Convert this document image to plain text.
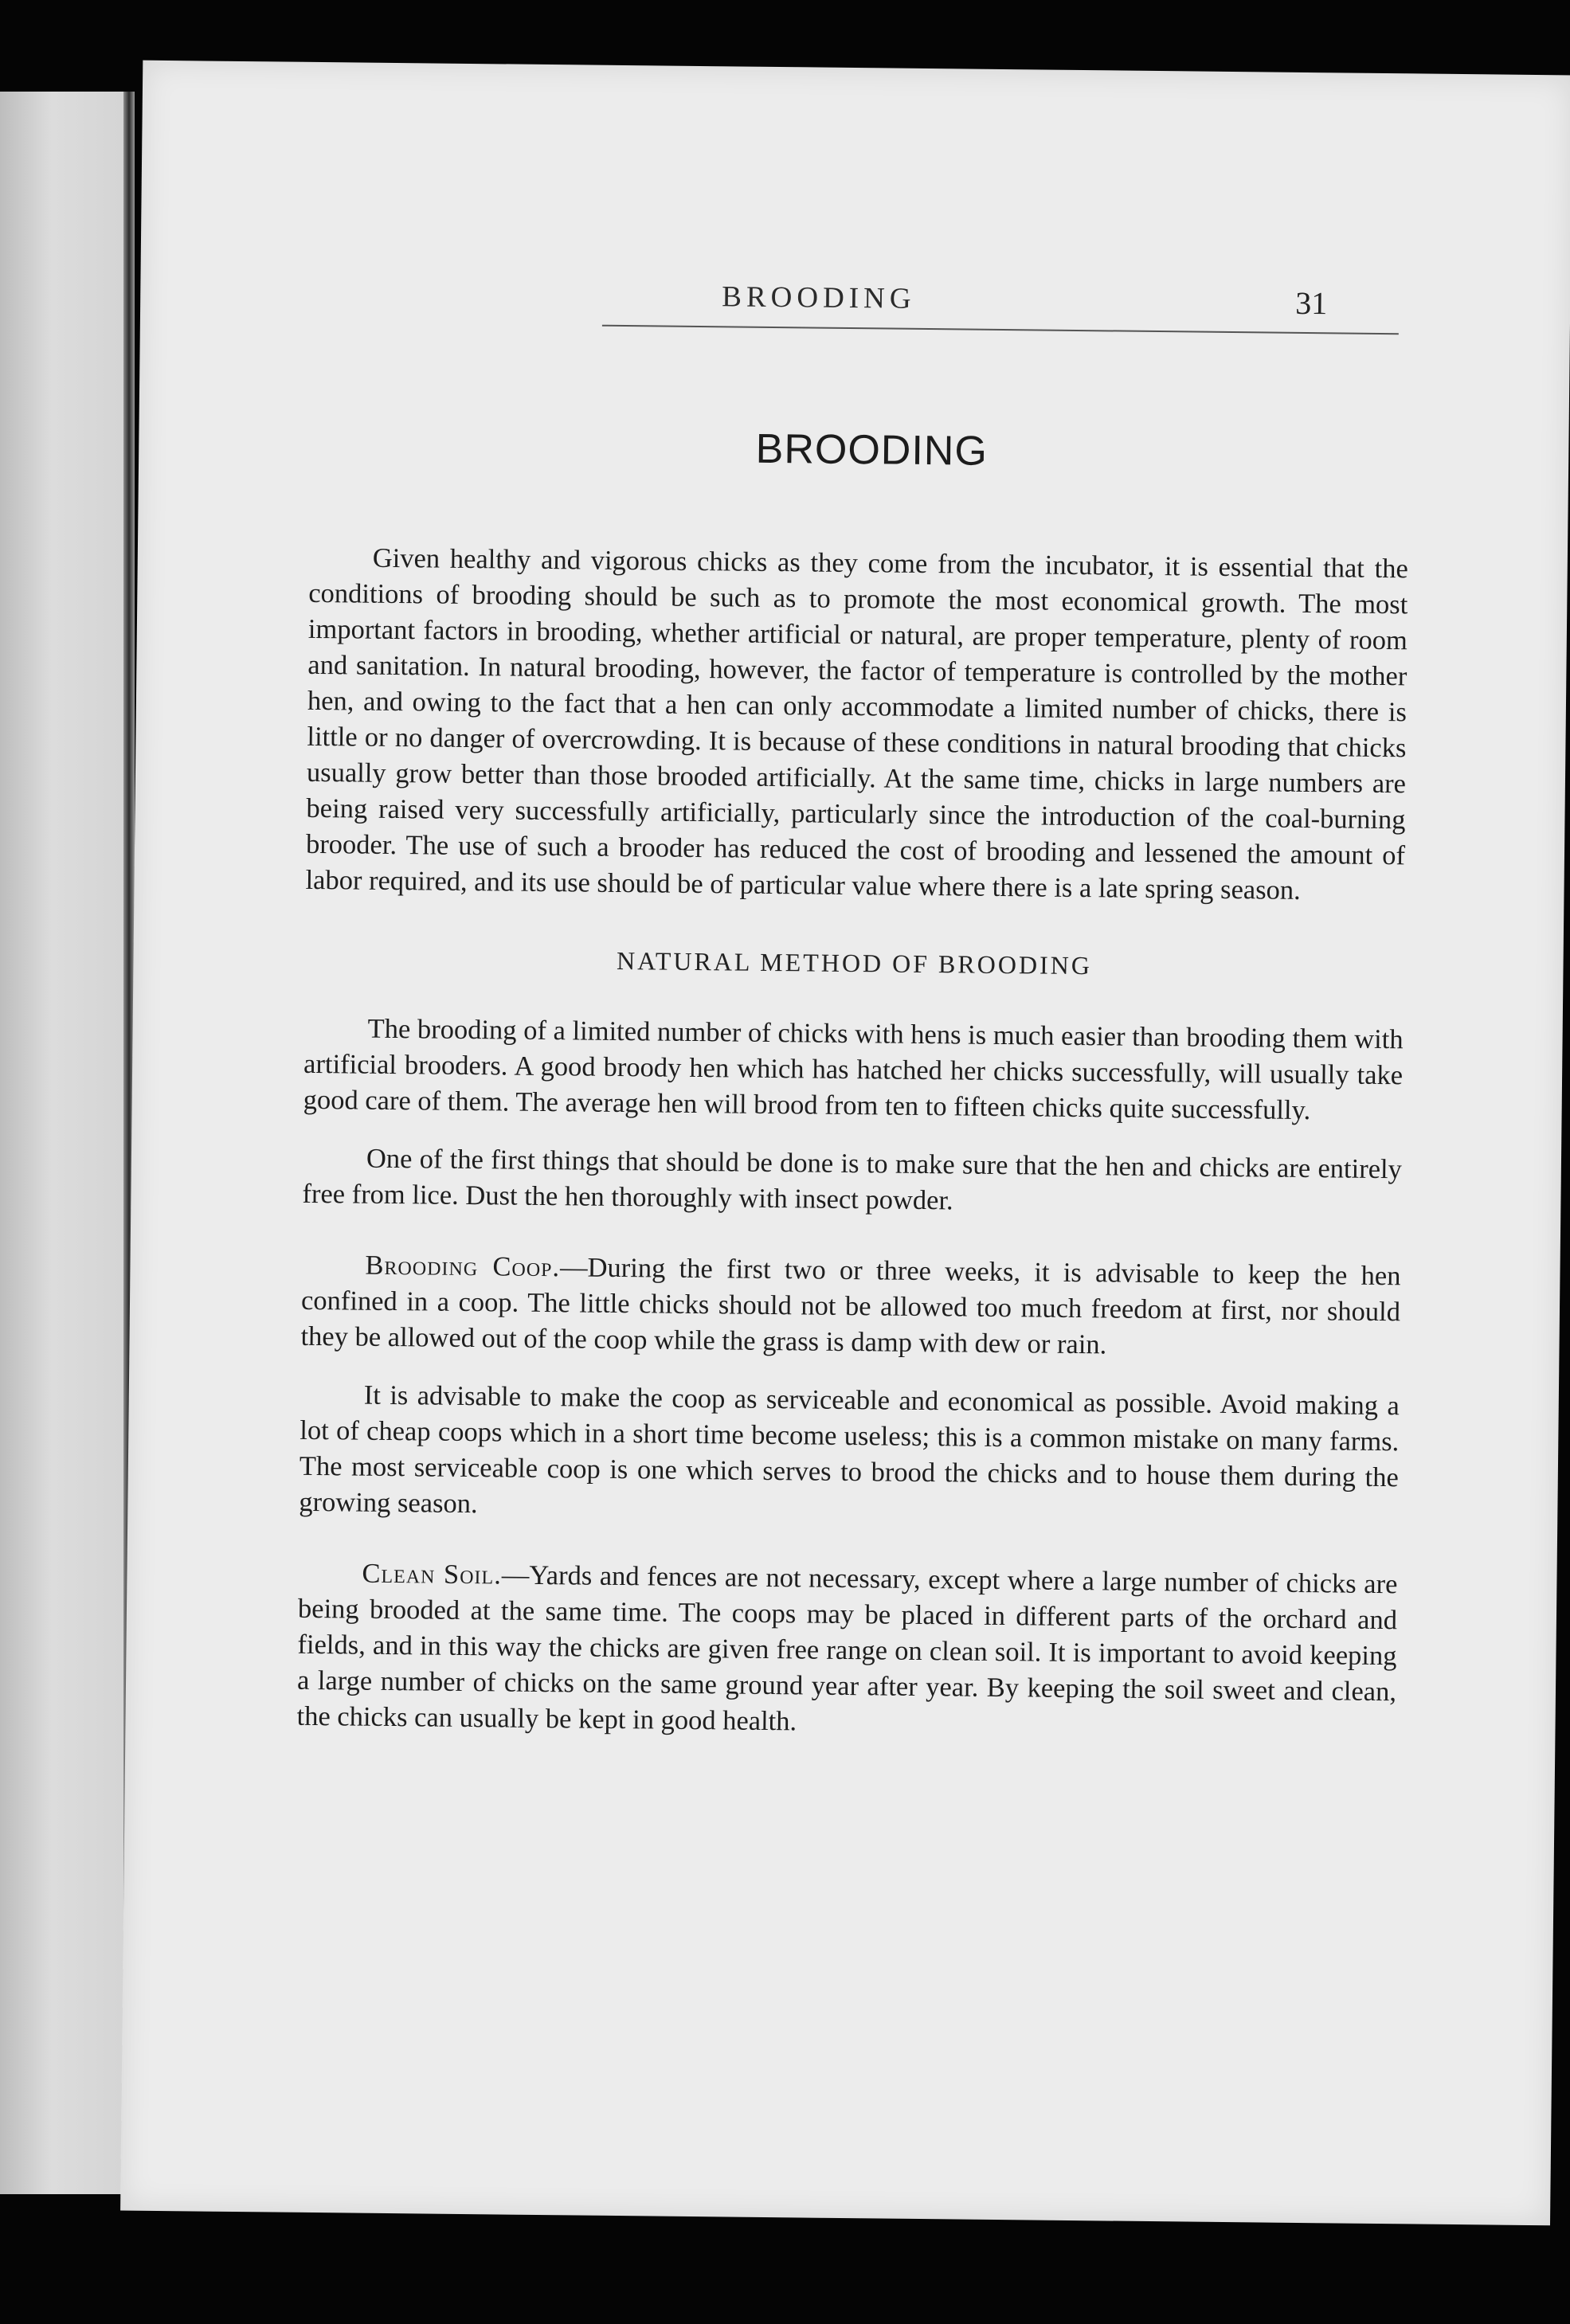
BROODING	31
BROODING

Given healthy and vigorous chicks as they come from the incubator, it is essential that the conditions of brooding should be such as to promote the most economical growth. The most important factors in brooding, whether artificial or natural, are proper temperature, plenty of room and sanitation. In natural brooding, however, the factor of temperature is controlled by the mother hen, and owing to the fact that a hen can only accommodate a limited number of chicks, there is little or no danger of overcrowding. It is because of these conditions in natural brooding that chicks usually grow better than those brooded artificially. At the same time, chicks in large numbers are being raised very successfully artificially, particularly since the introduction of the coal-burning brooder. The use of such a brooder has reduced the cost of brooding and lessened the amount of labor required, and its use should be of particular value where there is a late spring season.

NATURAL METHOD OF BROODING

The brooding of a limited number of chicks with hens is much easier than brooding them with artificial brooders. A good broody hen which has hatched her chicks successfully, will usually take good care of them. The average hen will brood from ten to fifteen chicks quite successfully.

One of the first things that should be done is to make sure that the hen and chicks are entirely free from lice. Dust the hen thoroughly with insect powder.

Brooding Coop.—During the first two or three weeks, it is advisable to keep the hen confined in a coop. The little chicks should not be allowed too much freedom at first, nor should they be allowed out of the coop while the grass is damp with dew or rain.

It is advisable to make the coop as serviceable and economical as possible. Avoid making a lot of cheap coops which in a short time become useless; this is a common mistake on many farms. The most serviceable coop is one which serves to brood the chicks and to house them during the growing season.

Clean Soil.—Yards and fences are not necessary, except where a large number of chicks are being brooded at the same time. The coops may be placed in different parts of the orchard and fields, and in this way the chicks are given free range on clean soil. It is important to avoid keeping a large number of chicks on the same ground year after year. By keeping the soil sweet and clean, the chicks can usually be kept in good health.
